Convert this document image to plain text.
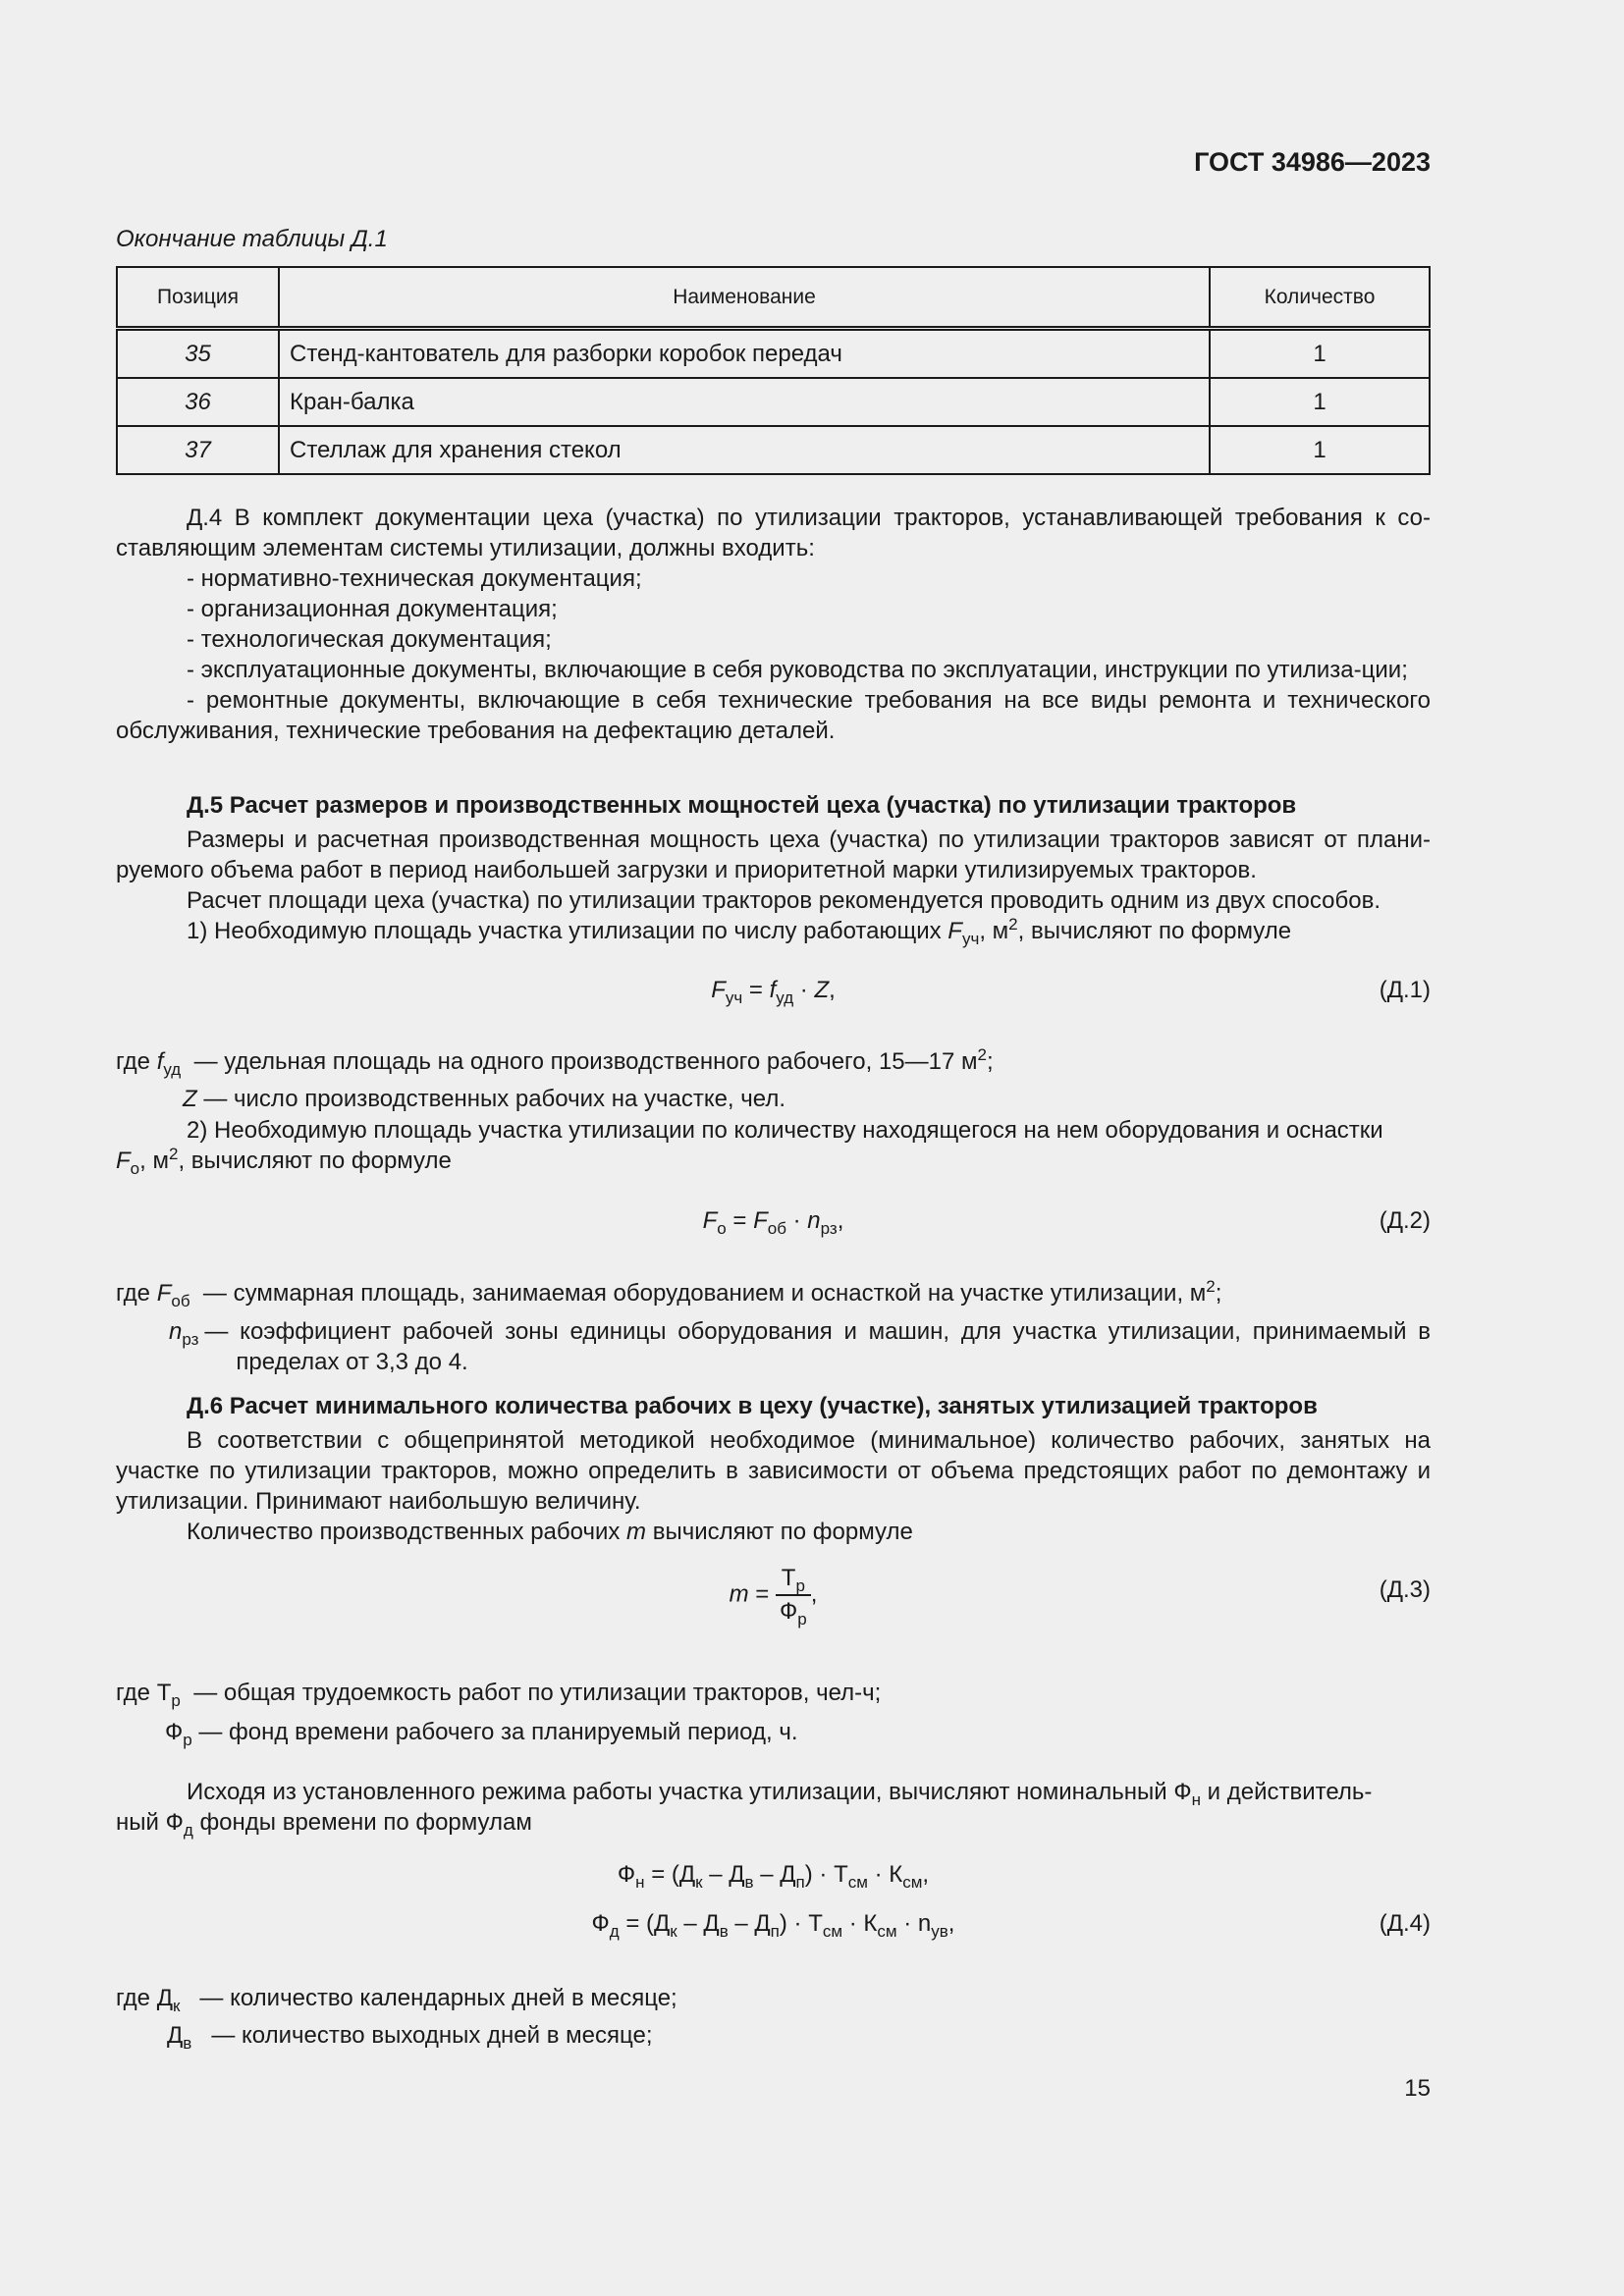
ГОСТ 34986—2023
Окончание таблицы Д.1
Позиция	Наименование	Количество
35	Стенд-кантователь для разборки коробок передач	1
36	Кран-балка	1
37	Стеллаж для хранения стекол	1
Д.4 В комплект документации цеха (участка) по утилизации тракторов, устанавливающей требования к со-ставляющим элементам системы утилизации, должны входить:
- нормативно-техническая документация;
- организационная документация;
- технологическая документация;
- эксплуатационные документы, включающие в себя руководства по эксплуатации, инструкции по утилиза-ции;
- ремонтные документы, включающие в себя технические требования на все виды ремонта и технического обслуживания, технические требования на дефектацию деталей.
Д.5 Расчет размеров и производственных мощностей цеха (участка) по утилизации тракторов
Размеры и расчетная производственная мощность цеха (участка) по утилизации тракторов зависят от плани-руемого объема работ в период наибольшей загрузки и приоритетной марки утилизируемых тракторов.
Расчет площади цеха (участка) по утилизации тракторов рекомендуется проводить одним из двух способов.
1) Необходимую площадь участка утилизации по числу работающих $F_{уч}$, $м^2$, вычисляют по формуле
$F_{уч} = f_{уд} \cdot Z$,	(Д.1)
где $f_{уд}$ — удельная площадь на одного производственного рабочего, 15—17 $м^2$;
Z — число производственных рабочих на участке, чел.
2) Необходимую площадь участка утилизации по количеству находящегося на нем оборудования и оснастки
$F_о$, $м^2$, вычисляют по формуле
$F_о = F_{об} \cdot n_{рз}$,	(Д.2)
где $F_{об}$ — суммарная площадь, занимаемая оборудованием и оснасткой на участке утилизации, $м^2$;
$n_{рз}$ — коэффициент рабочей зоны единицы оборудования и машин, для участка утилизации, принимаемый в пределах от 3,3 до 4.
Д.6 Расчет минимального количества рабочих в цеху (участке), занятых утилизацией тракторов
В соответствии с общепринятой методикой необходимое (минимальное) количество рабочих, занятых на участке по утилизации тракторов, можно определить в зависимости от объема предстоящих работ по демонтажу и утилизации. Принимают наибольшую величину.
Количество производственных рабочих m вычисляют по формуле
$m = \frac{Т_р}{Ф_р}$ ,	(Д.3)
где $Т_р$ — общая трудоемкость работ по утилизации тракторов, чел-ч;
$Ф_р$ — фонд времени рабочего за планируемый период, ч.
Исходя из установленного режима работы участка утилизации, вычисляют номинальный $Ф_н$ и действитель-
ный $Ф_д$ фонды времени по формулам
$Ф_н = (Д_к - Д_в - Д_п) \cdot Т_{см} \cdot К_{см}$,
$Ф_д = (Д_к - Д_в - Д_п) \cdot Т_{см} \cdot К_{см} \cdot n_{ув}$,	(Д.4)
где $Д_к$ — количество календарных дней в месяце;
$Д_в$ — количество выходных дней в месяце;
15
